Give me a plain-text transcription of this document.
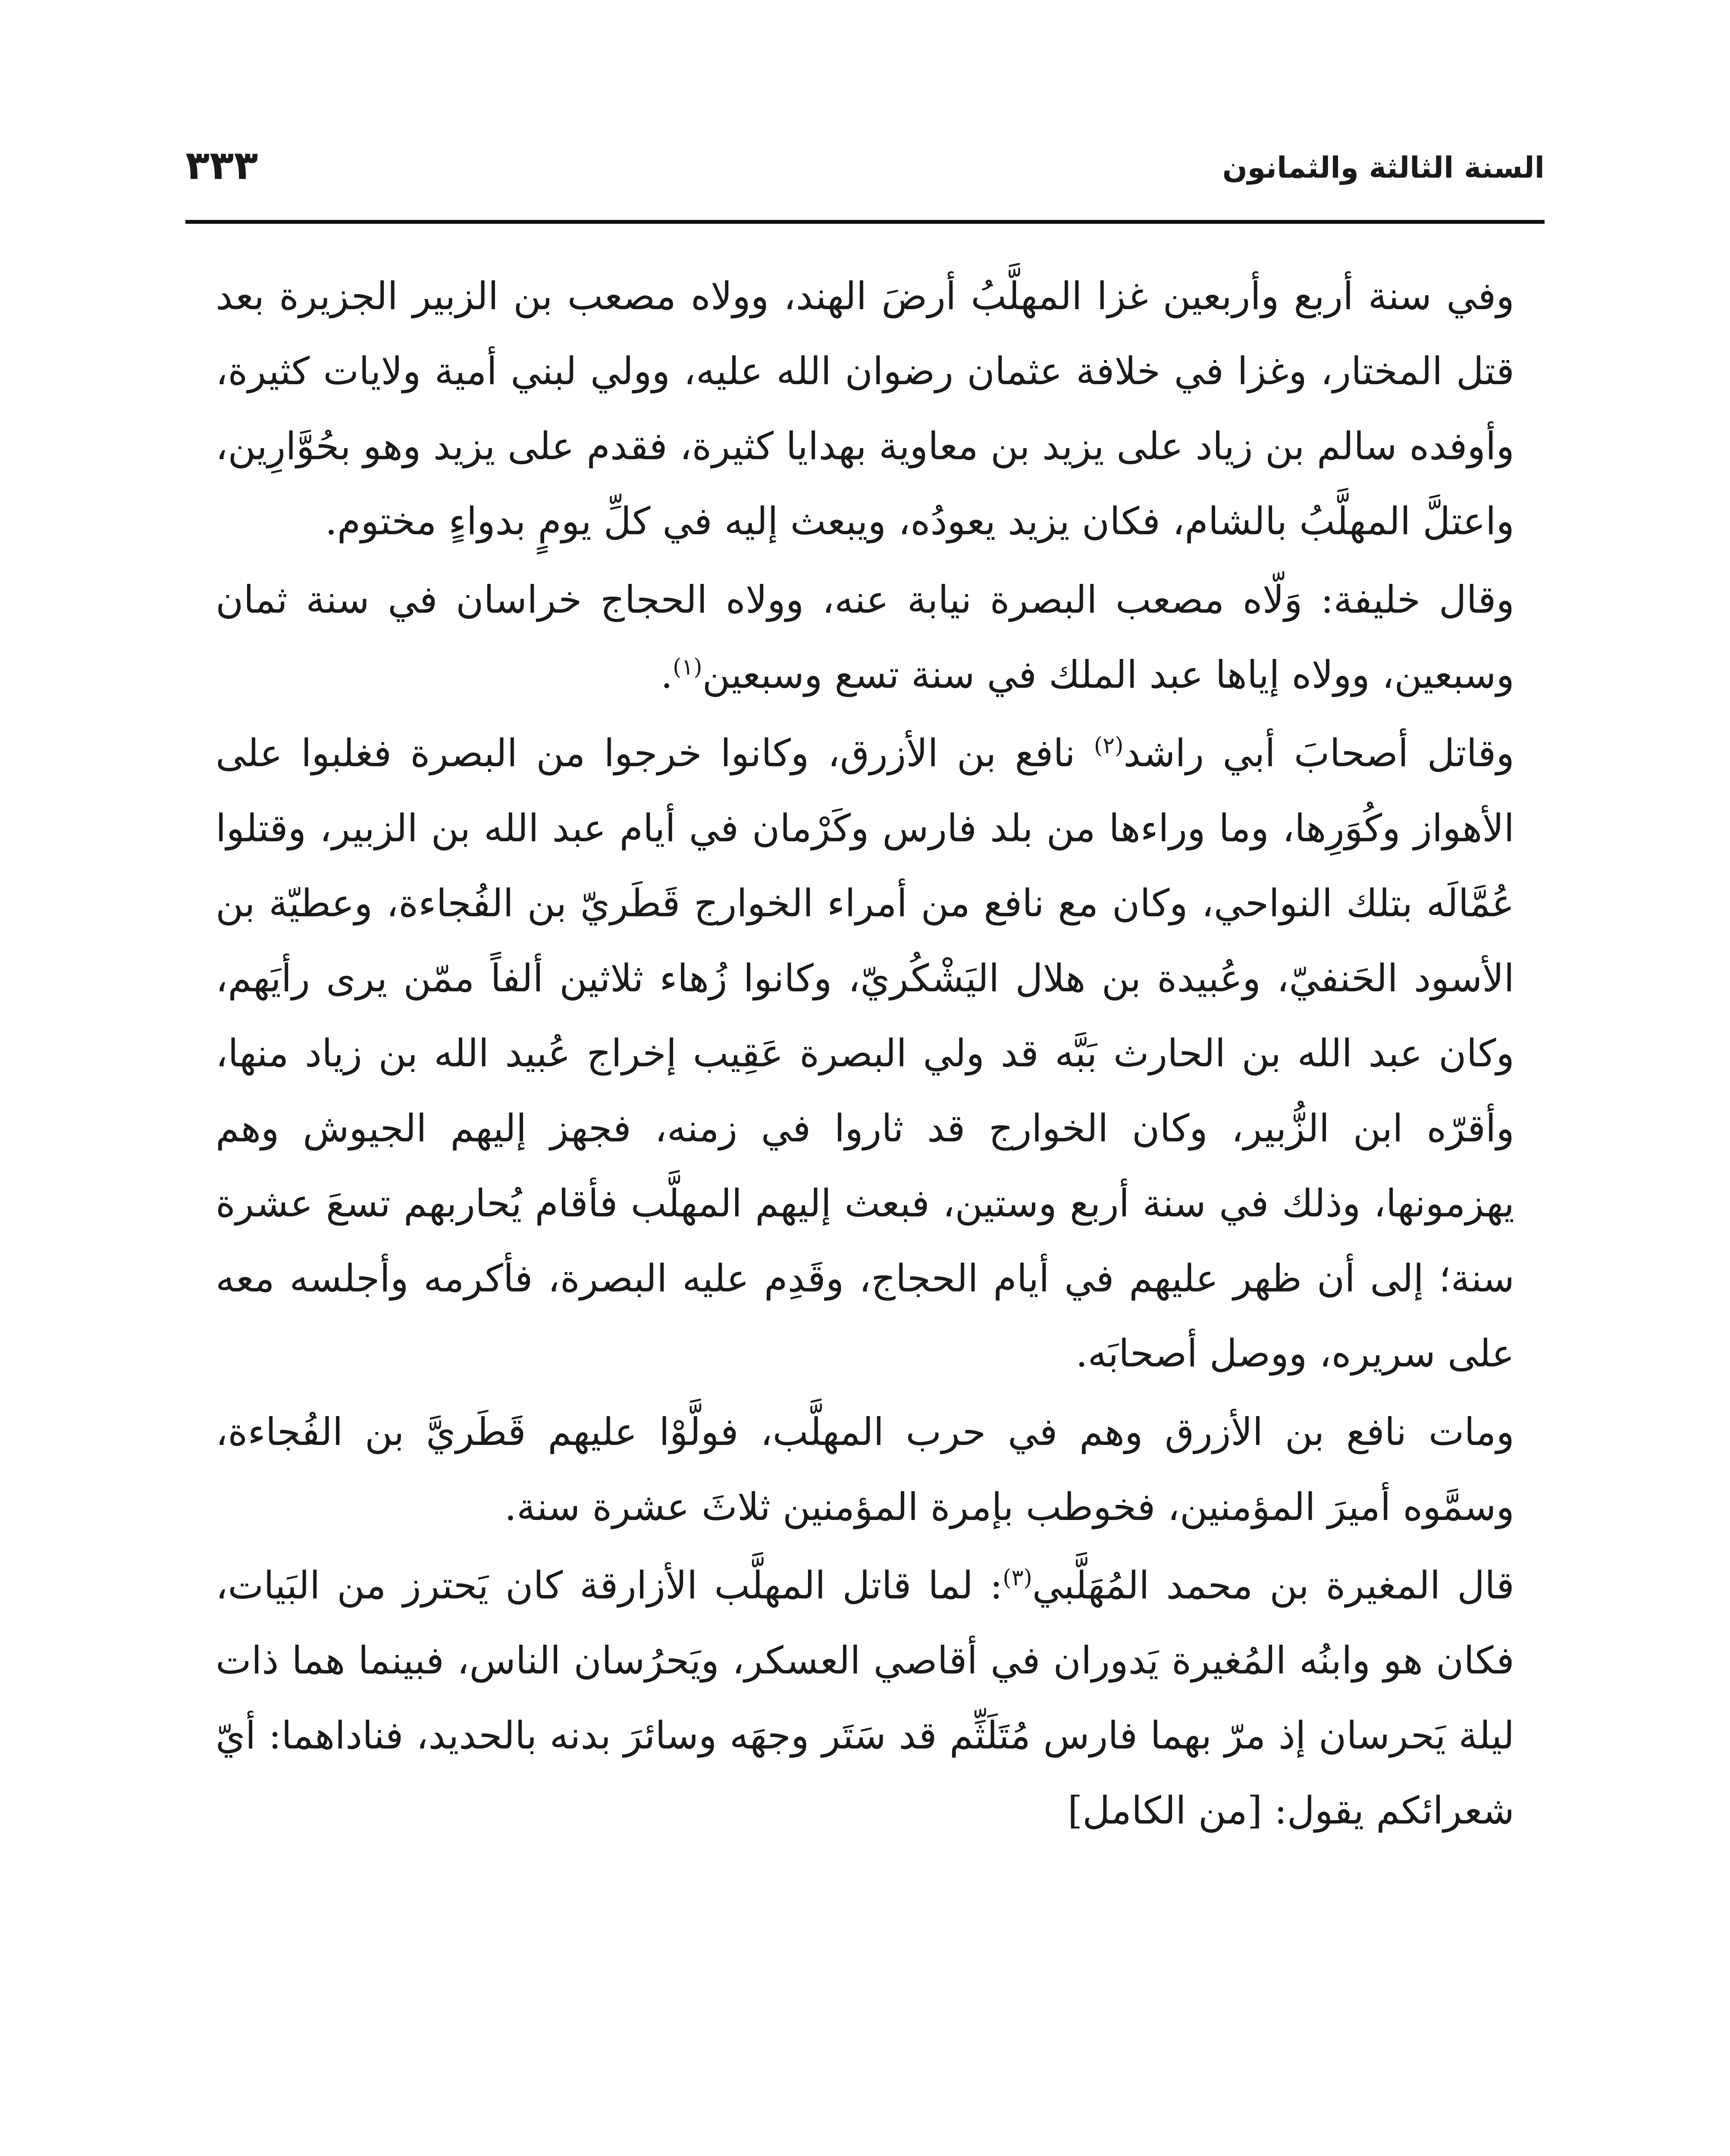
السنة الثالثة والثمانون
٣٣٣

وفي سنة أربع وأربعين غزا المهلَّبُ أرضَ الهند، وولاه مصعب بن الزبير الجزيرة بعد قتل المختار، وغزا في خلافة عثمان رضوان الله عليه، وولي لبني أمية ولايات كثيرة، وأوفده سالم بن زياد على يزيد بن معاوية بهدايا كثيرة، فقدم على يزيد وهو بحُوَّارِين، واعتلَّ المهلَّبُ بالشام، فكان يزيد يعودُه، ويبعث إليه في كلِّ يومٍ بدواءٍ مختوم.

وقال خليفة: وَلّاه مصعب البصرة نيابة عنه، وولاه الحجاج خراسان في سنة ثمان وسبعين، وولاه إياها عبد الملك في سنة تسع وسبعين$^{(١)}$.

وقاتل أصحابَ أبي راشد$^{(٢)}$ نافع بن الأزرق، وكانوا خرجوا من البصرة فغلبوا على الأهواز وكُوَرِها، وما وراءها من بلد فارس وكَرْمان في أيام عبد الله بن الزبير، وقتلوا عُمَّالَه بتلك النواحي، وكان مع نافع من أمراء الخوارج قَطَريّ بن الفُجاءة، وعطيّة بن الأسود الحَنفيّ، وعُبيدة بن هلال اليَشْكُريّ، وكانوا زُهاء ثلاثين ألفاً ممّن يرى رأيَهم، وكان عبد الله بن الحارث بَبَّه قد ولي البصرة عَقِيب إخراج عُبيد الله بن زياد منها، وأقرّه ابن الزُّبير، وكان الخوارج قد ثاروا في زمنه، فجهز إليهم الجيوش وهم يهزمونها، وذلك في سنة أربع وستين، فبعث إليهم المهلَّب فأقام يُحاربهم تسعَ عشرة سنة؛ إلى أن ظهر عليهم في أيام الحجاج، وقَدِم عليه البصرة، فأكرمه وأجلسه معه على سريره، ووصل أصحابَه.

ومات نافع بن الأزرق وهم في حرب المهلَّب، فولَّوْا عليهم قَطَريَّ بن الفُجاءة، وسمَّوه أميرَ المؤمنين، فخوطب بإمرة المؤمنين ثلاثَ عشرة سنة.

قال المغيرة بن محمد المُهَلَّبي$^{(٣)}$: لما قاتل المهلَّب الأزارقة كان يَحترز من البَيات، فكان هو وابنُه المُغيرة يَدوران في أقاصي العسكر، ويَحرُسان الناس، فبينما هما ذات ليلة يَحرسان إذ مرّ بهما فارس مُتَلَثِّم قد سَتَر وجهَه وسائرَ بدنه بالحديد، فناداهما: أيّ شعرائكم يقول: [من الكامل]
